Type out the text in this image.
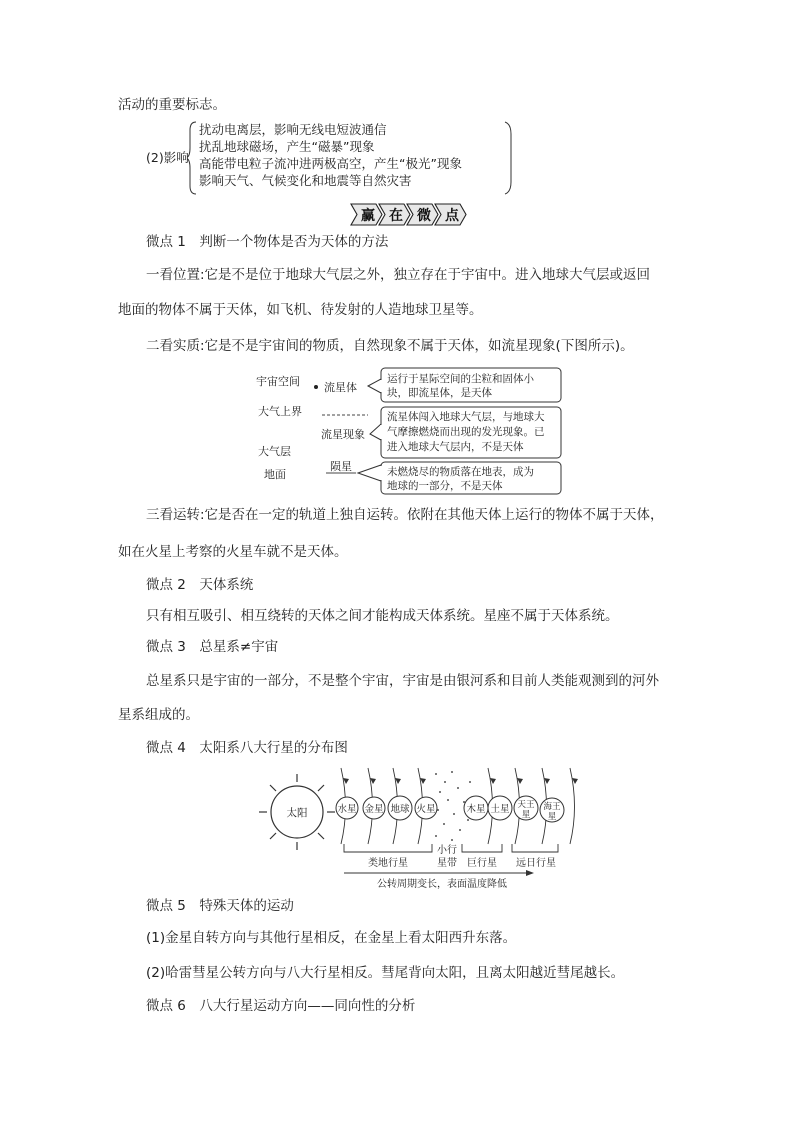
活动的重要标志。
(2)影响
扰动电离层，影响无线电短波通信
扰乱地球磁场，产生“磁暴”现象
高能带电粒子流冲进两极高空，产生“极光”现象
影响天气、气候变化和地震等自然灾害
赢 在 微 点
微点 1　判断一个物体是否为天体的方法
一看位置:它是不是位于地球大气层之外，独立存在于宇宙中。进入地球大气层或返回
地面的物体不属于天体，如飞机、待发射的人造地球卫星等。
二看实质:它是不是宇宙间的物质，自然现象不属于天体，如流星现象(下图所示)。
宇宙空间
大气上界
大气层
地面
流星体
流星现象
陨星
运行于星际空间的尘粒和固体小
块，即流星体，是天体
流星体闯入地球大气层，与地球大
气摩擦燃烧而出现的发光现象。已
进入地球大气层内，不是天体
未燃烧尽的物质落在地表，成为
地球的一部分，不是天体
三看运转:它是否在一定的轨道上独自运转。依附在其他天体上运行的物体不属于天体，
如在火星上考察的火星车就不是天体。
微点 2　天体系统
只有相互吸引、相互绕转的天体之间才能构成天体系统。星座不属于天体系统。
微点 3　总星系≠宇宙
总星系只是宇宙的一部分，不是整个宇宙，宇宙是由银河系和目前人类能观测到的河外
星系组成的。
微点 4　太阳系八大行星的分布图
太阳	水星 金星 地球 火星	木星 土星 天王
星
海王
星
类地行星	巨行星 远日行星
小行
星带
公转周期变长，表面温度降低
微点 5　特殊天体的运动
(1)金星自转方向与其他行星相反，在金星上看太阳西升东落。
(2)哈雷彗星公转方向与八大行星相反。彗尾背向太阳，且离太阳越近彗尾越长。
微点 6　八大行星运动方向——同向性的分析
